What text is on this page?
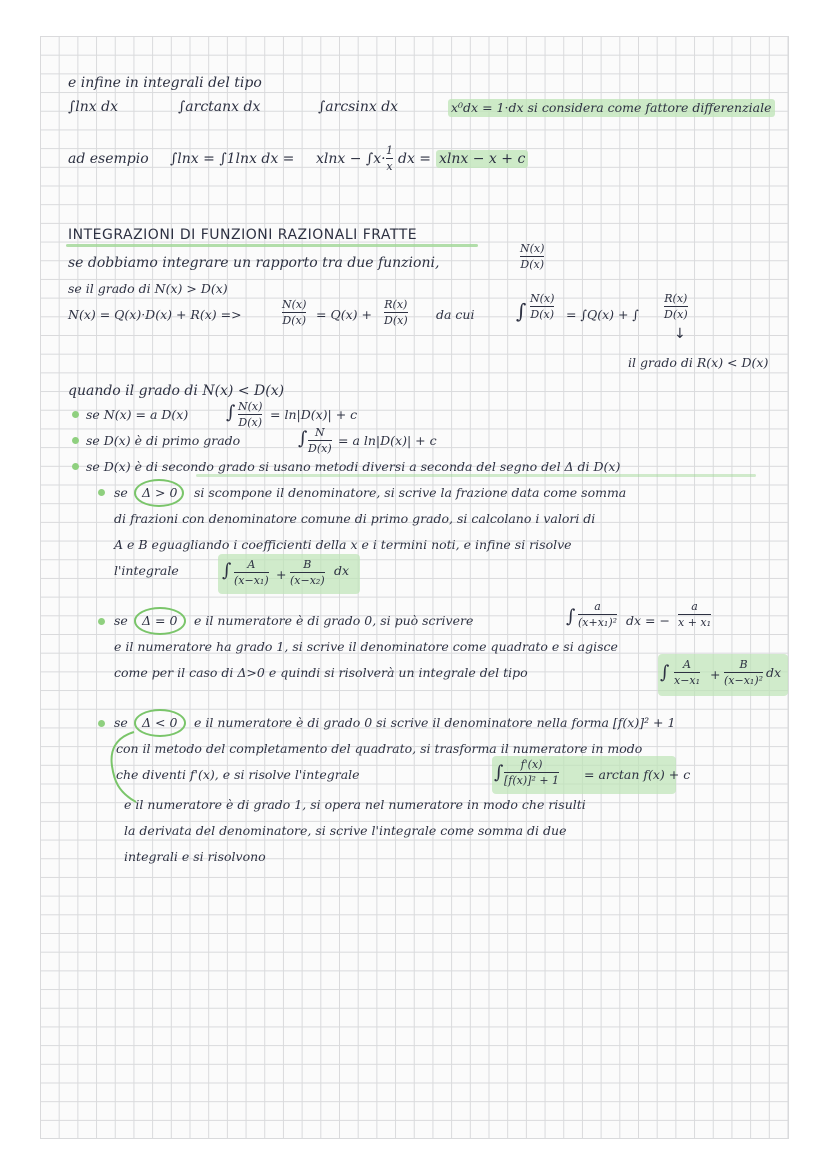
e infine in integrali del tipo
∫lnx dx	∫arctanx dx	∫arcsinx dx	x⁰dx = 1·dx si considera come fattore differenziale
ad esempio ∫lnx = ∫1lnx dx = xlnx − ∫x·
1
x dx = xlnx − x + c
INTEGRAZIONI DI FUNZIONI RAZIONALI FRATTE
se dobbiamo integrare un rapporto tra due funzioni,
N(x)
D(x)
se il grado di N(x) > D(x)
N(x) = Q(x)·D(x) + R(x) =>
N(x)
D(x) = Q(x) +
R(x)
D(x) da cui ∫
N(x)
D(x) = ∫Q(x) + ∫
R(x)
D(x)
↓
il grado di R(x) < D(x)
quando il grado di N(x) < D(x)
se N(x) = a D(x) ∫ N(x)
D(x)
= ln|D(x)| + c
se D(x) è di primo grado	∫ N
D(x)
= a ln|D(x)| + c
se D(x) è di secondo grado si usano metodi diversi a seconda del segno del Δ di D(x)
se Δ > 0 si scompone il denominatore, si scrive la frazione data come somma
di frazioni con denominatore comune di primo grado, si calcolano i valori di
A e B eguagliando i coefficienti della x e i termini noti, e infine si risolve
l'integrale ∫ A
(x−x₁) +
B
(x−x₂)
dx
se Δ = 0 e il numeratore è di grado 0, si può scrivere	∫ a
(x+x₁)² dx = −
a
x + x₁
e il numeratore ha grado 1, si scrive il denominatore come quadrato e si agisce
come per il caso di Δ>0 e quindi si risolverà un integrale del tipo	∫ A
x−x₁ +
B
(x−x₁)²
dx
se Δ < 0 e il numeratore è di grado 0 si scrive il denominatore nella forma [f(x)]² + 1
con il metodo del completamento del quadrato, si trasforma il numeratore in modo
che diventi f'(x), e si risolve l'integrale	∫ f'(x)
[f(x)]² + 1 = arctan f(x) + c
e il numeratore è di grado 1, si opera nel numeratore in modo che risulti
la derivata del denominatore, si scrive l'integrale come somma di due
integrali e si risolvono
